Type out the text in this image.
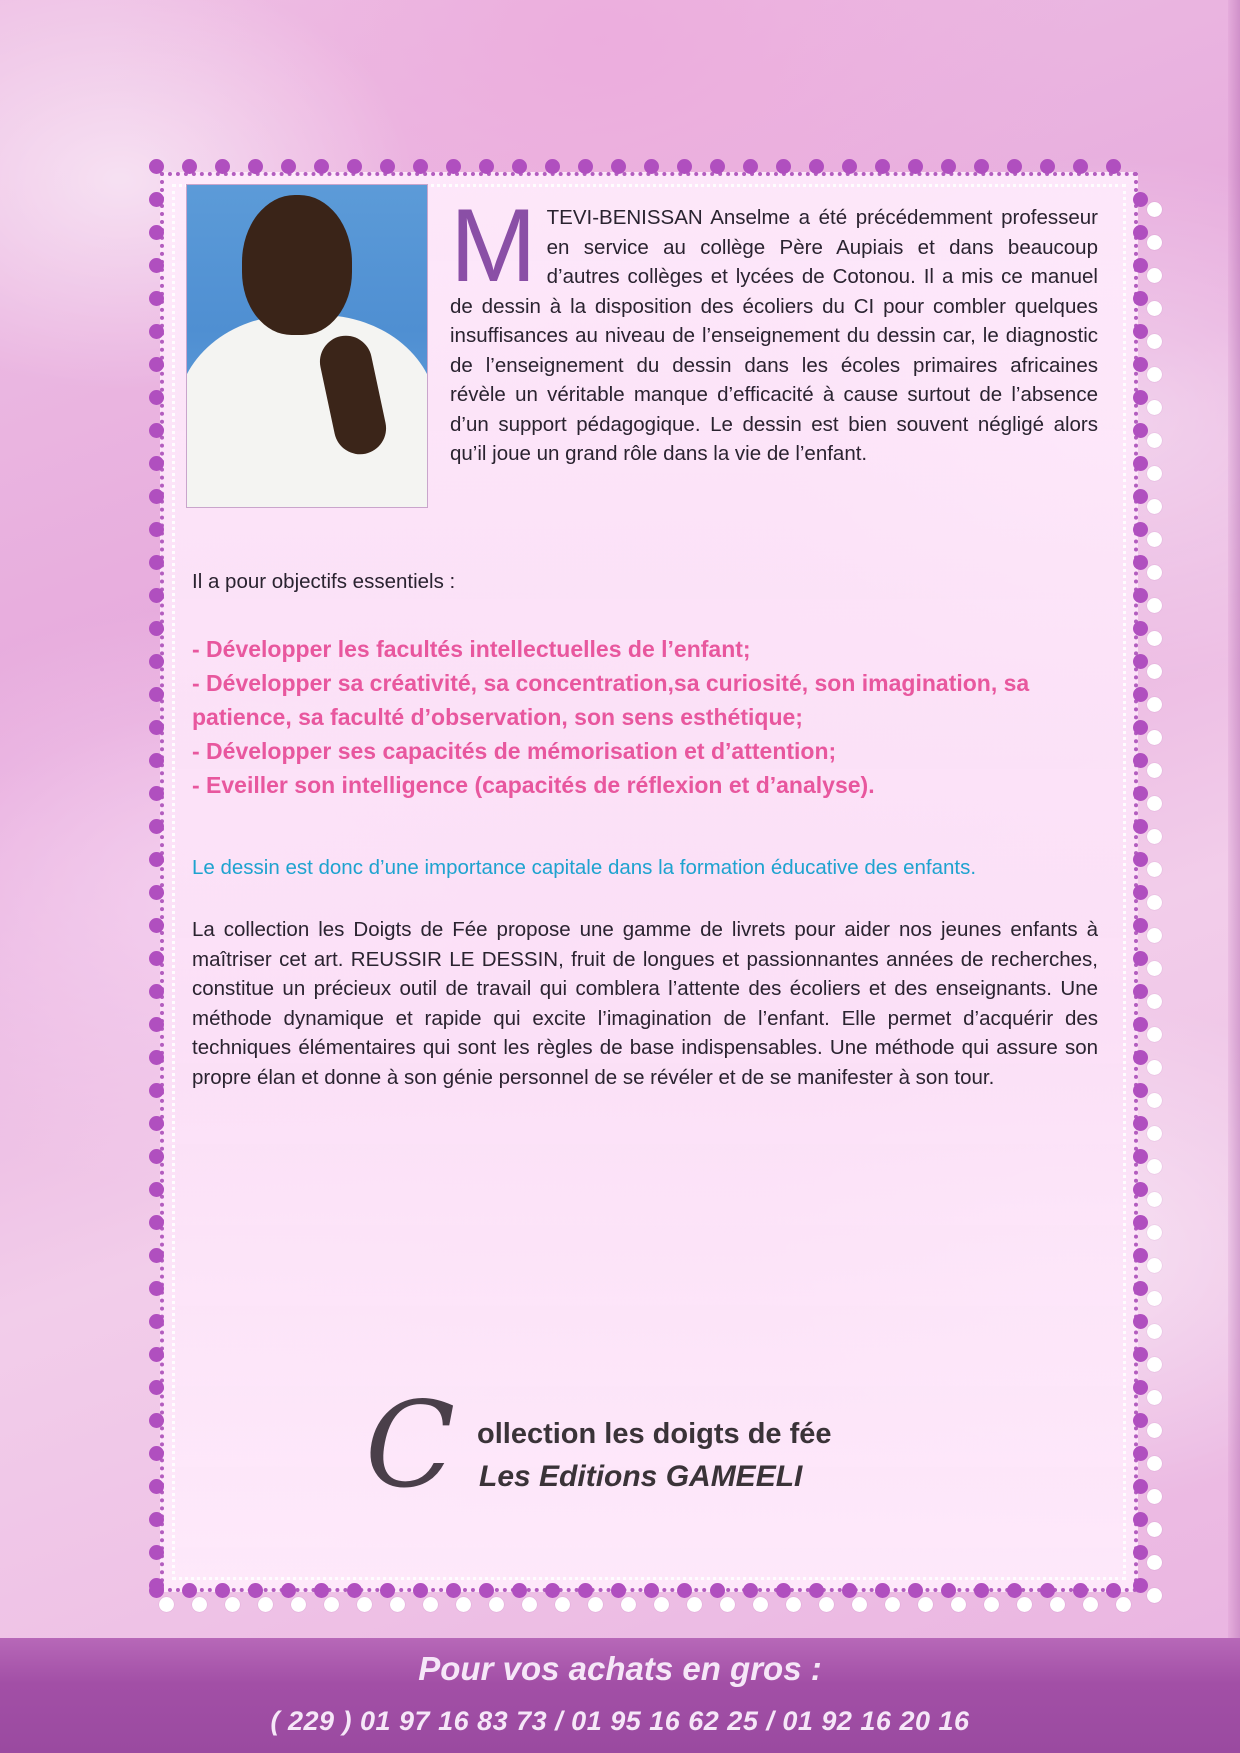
M TEVI-BENISSAN Anselme a été précédemment professeur en service au collège Père Aupiais et dans beaucoup d’autres collèges et lycées de Cotonou. Il a mis ce manuel de dessin à la disposition des écoliers du CI pour combler quelques insuffisances au niveau de l’enseignement du dessin car, le diagnostic de l’enseignement du dessin dans les écoles primaires africaines révèle un véritable manque d’efficacité à cause surtout de l’absence d’un support pédagogique. Le dessin est bien souvent négligé alors qu’il joue un grand rôle dans la vie de l’enfant.

Il a pour objectifs essentiels :

- Développer les facultés intellectuelles de l’enfant;
- Développer sa créativité, sa concentration,sa curiosité, son imagination, sa patience, sa faculté d’observation, son sens esthétique;
- Développer ses capacités de mémorisation et d’attention;
- Eveiller son intelligence (capacités de réflexion et d’analyse).

Le dessin est donc d’une importance capitale dans la formation éducative des enfants.

La collection les Doigts de Fée propose une gamme de livrets pour aider nos jeunes enfants à maîtriser cet art. REUSSIR LE DESSIN, fruit de longues et passionnantes années de recherches, constitue un précieux outil de travail qui comblera l’attente des écoliers et des enseignants. Une méthode dynamique et rapide qui excite l’imagination de l’enfant. Elle permet d’acquérir des techniques élémentaires qui sont les règles de base indispensables. Une méthode qui assure son propre élan et donne à son génie personnel de se révéler et de se manifester à son tour.

C ollection les doigts de fée
Les Editions GAMEELI

Pour vos achats en gros :

( 229 ) 01 97 16 83 73 / 01 95 16 62 25 / 01 92 16 20 16
